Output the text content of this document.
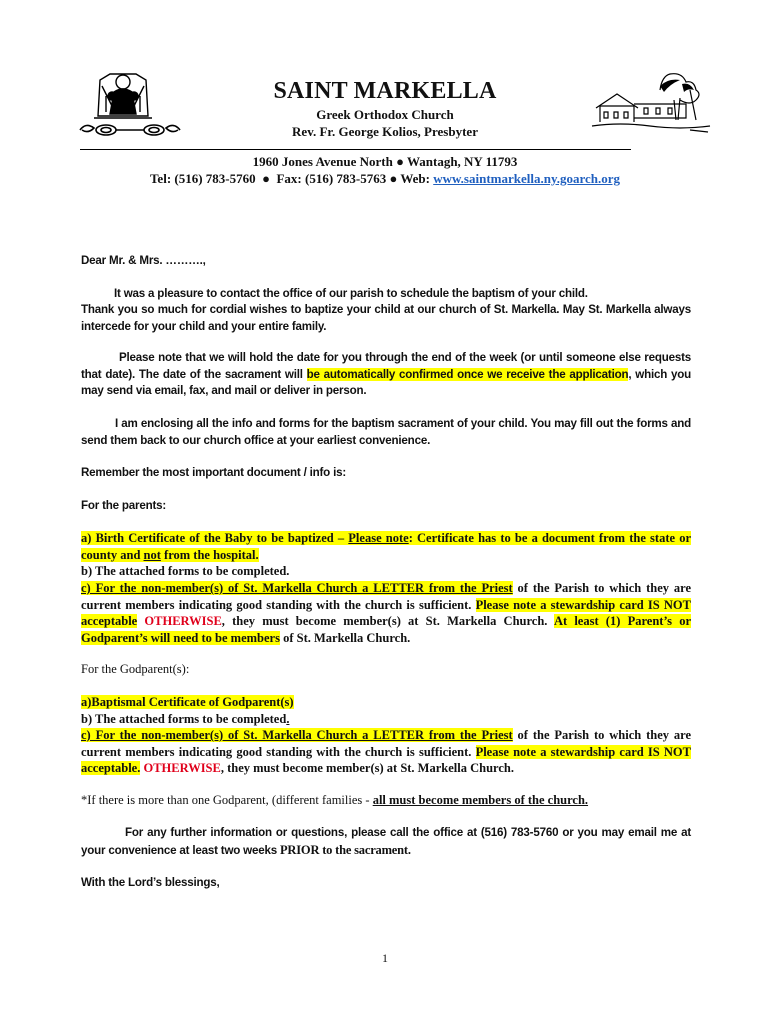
SAINT MARKELLA
Greek Orthodox Church
Rev. Fr. George Kolios, Presbyter
1960 Jones Avenue North ● Wantagh, NY 11793
Tel: (516) 783-5760  ●  Fax: (516) 783-5763 ● Web: www.saintmarkella.ny.goarch.org
Dear Mr. & Mrs. ……….,
It was a pleasure to contact the office of our parish to schedule the baptism of your child.
Thank you so much for cordial wishes to baptize your child at our church of St. Markella. May St. Markella always intercede for your child and your entire family.
Please note that we will hold the date for you through the end of the week (or until someone else requests that date). The date of the sacrament will be automatically confirmed once we receive the application, which you may send via email, fax, and mail or deliver in person.
I am enclosing all the info and forms for the baptism sacrament of your child. You may fill out the forms and send them back to our church office at your earliest convenience.
Remember the most important document / info is:
For the parents:
a) Birth Certificate of the Baby to be baptized – Please note: Certificate has to be a document from the state or county and not from the hospital.
b) The attached forms to be completed.
c) For the non-member(s) of St. Markella Church a LETTER from the Priest of the Parish to which they are current members indicating good standing with the church is sufficient. Please note a stewardship card IS NOT acceptable OTHERWISE, they must become member(s) at St. Markella Church. At least (1) Parent’s or Godparent’s will need to be members of St. Markella Church.
For the Godparent(s):
a)Baptismal Certificate of Godparent(s)
b) The attached forms to be completed.
c) For the non-member(s) of St. Markella Church a LETTER from the Priest of the Parish to which they are current members indicating good standing with the church is sufficient. Please note a stewardship card IS NOT acceptable. OTHERWISE, they must become member(s) at St. Markella Church.
*If there is more than one Godparent, (different families - all must become members of the church.
For any further information or questions, please call the office at (516) 783-5760 or you may email me at your convenience at least two weeks PRIOR to the sacrament.
With the Lord’s blessings,
1
